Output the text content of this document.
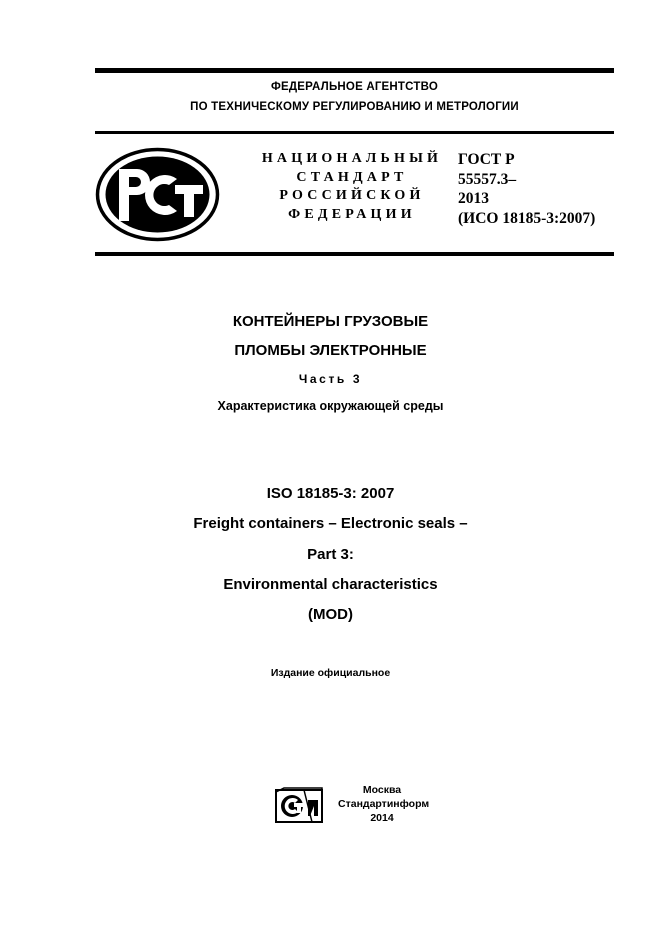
ФЕДЕРАЛЬНОЕ АГЕНТСТВО
ПО ТЕХНИЧЕСКОМУ РЕГУЛИРОВАНИЮ И МЕТРОЛОГИИ
НАЦИОНАЛЬНЫЙ
СТАНДАРТ
РОССИЙСКОЙ
ФЕДЕРАЦИИ
ГОСТ Р
55557.3–
2013
(ИСО 18185-3:2007)
КОНТЕЙНЕРЫ ГРУЗОВЫЕ
ПЛОМБЫ ЭЛЕКТРОННЫЕ
Часть 3
Характеристика окружающей среды
ISO 18185-3: 2007
Freight containers – Electronic seals –
Part 3:
Environmental characteristics
(MOD)
Издание официальное
Москва
Стандартинформ
2014
